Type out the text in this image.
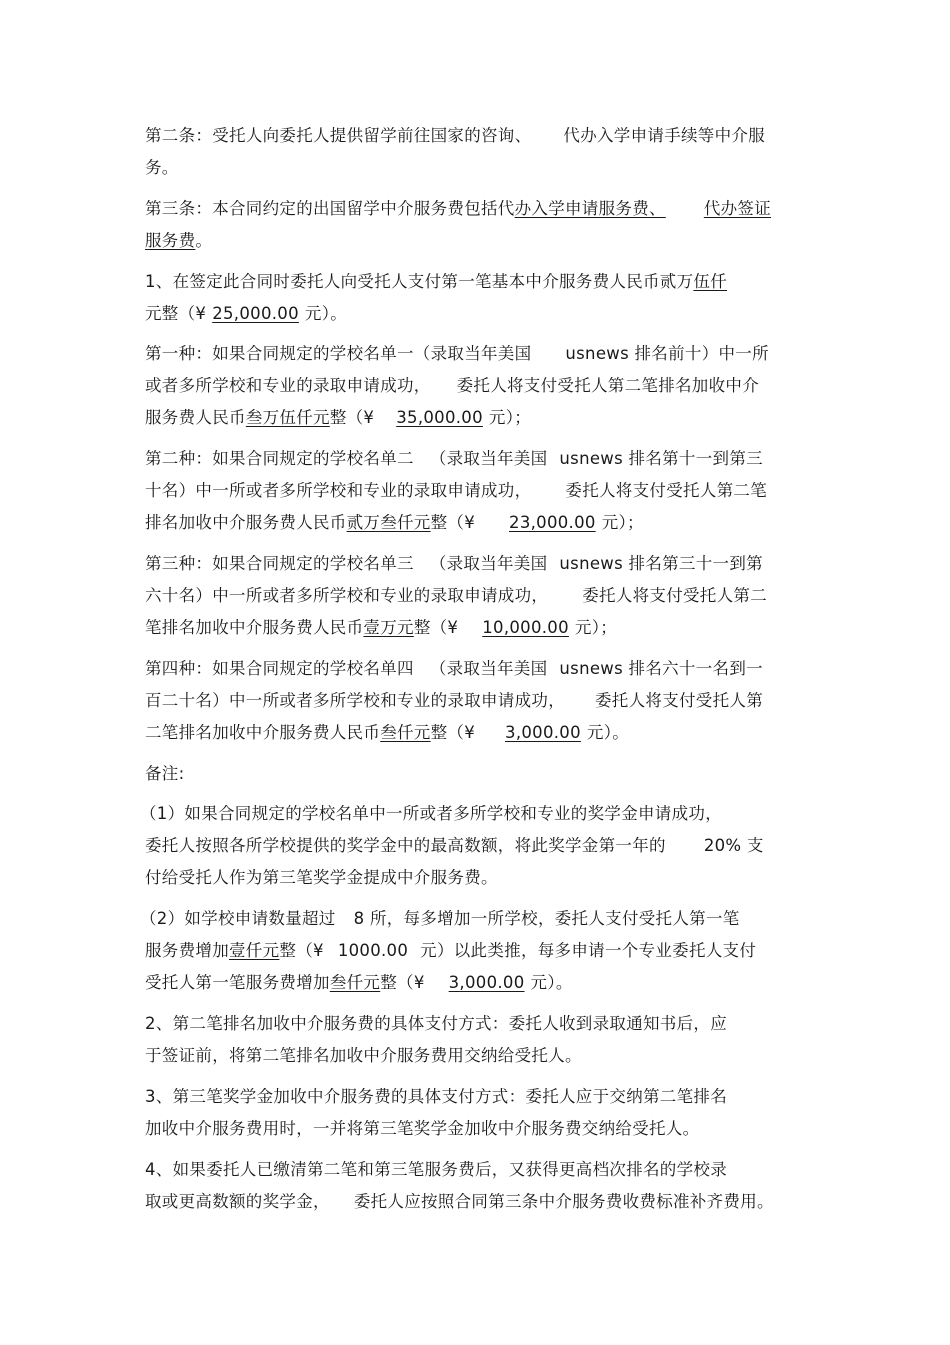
第二条：受托人向委托人提供留学前往国家的咨询、 代办入学申请手续等中介服
务。
第三条：本合同约定的出国留学中介服务费包括代办入学申请服务费、 代办签证
服务费。
1、在签定此合同时委托人向受托人支付第一笔基本中介服务费人民币贰万伍仟
元整（¥ 25,000.00 元）。
第一种：如果合同规定的学校名单一（录取当年美国 usnews 排名前十）中一所
或者多所学校和专业的录取申请成功， 委托人将支付受托人第二笔排名加收中介
服务费人民币叁万伍仟元整（¥ 35,000.00 元）；
第二种：如果合同规定的学校名单二 （录取当年美国 usnews 排名第十一到第三
十名）中一所或者多所学校和专业的录取申请成功， 委托人将支付受托人第二笔
排名加收中介服务费人民币贰万叁仟元整（¥ 23,000.00 元）；
第三种：如果合同规定的学校名单三 （录取当年美国 usnews 排名第三十一到第
六十名）中一所或者多所学校和专业的录取申请成功， 委托人将支付受托人第二
笔排名加收中介服务费人民币壹万元整（¥ 10,000.00 元）；
第四种：如果合同规定的学校名单四 （录取当年美国 usnews 排名六十一名到一
百二十名）中一所或者多所学校和专业的录取申请成功， 委托人将支付受托人第
二笔排名加收中介服务费人民币叁仟元整（¥ 3,000.00 元）。
备注:
（1）如果合同规定的学校名单中一所或者多所学校和专业的奖学金申请成功，
委托人按照各所学校提供的奖学金中的最高数额，将此奖学金第一年的 20% 支
付给受托人作为第三笔奖学金提成中介服务费。
（2）如学校申请数量超过 8 所，每多增加一所学校，委托人支付受托人第一笔
服务费增加壹仟元整（¥ 1000.00 元）以此类推，每多申请一个专业委托人支付
受托人第一笔服务费增加叁仟元整（¥ 3,000.00 元）。
2、第二笔排名加收中介服务费的具体支付方式：委托人收到录取通知书后，应
于签证前，将第二笔排名加收中介服务费用交纳给受托人。
3、第三笔奖学金加收中介服务费的具体支付方式：委托人应于交纳第二笔排名
加收中介服务费用时，一并将第三笔奖学金加收中介服务费交纳给受托人。
4、如果委托人已缴清第二笔和第三笔服务费后，又获得更高档次排名的学校录
取或更高数额的奖学金， 委托人应按照合同第三条中介服务费收费标准补齐费用。
